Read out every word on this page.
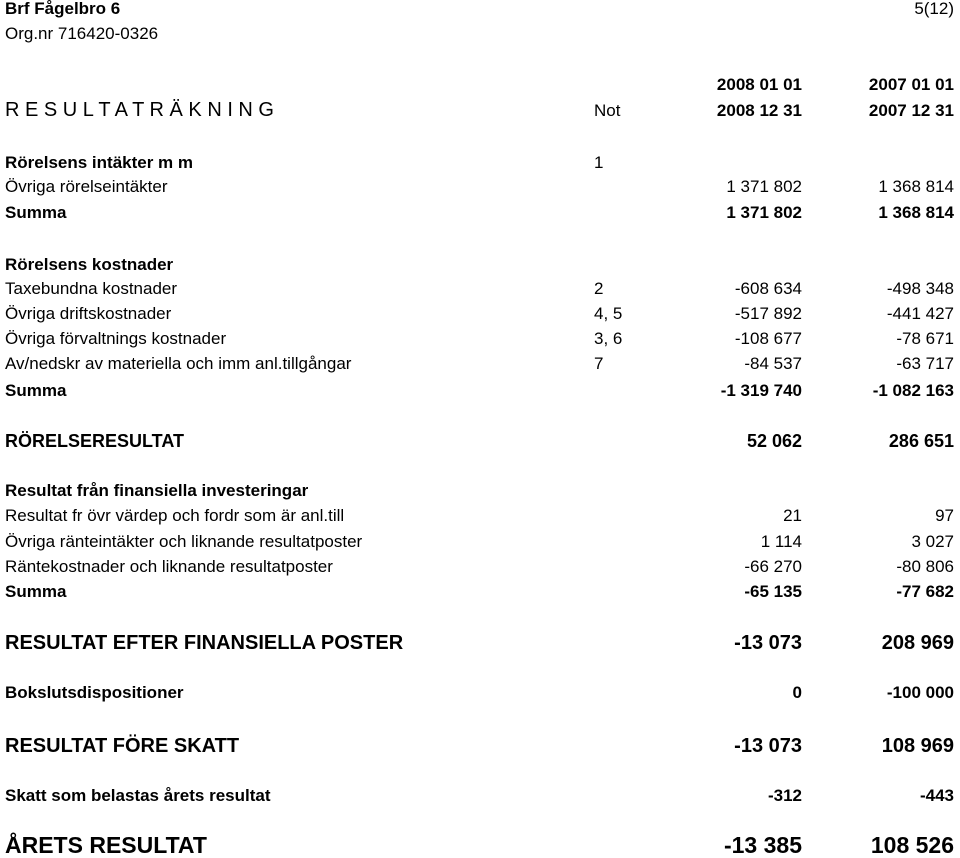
Brf Fågelbro 6
Org.nr 716420-0326
5(12)
2008 01 01	2007 01 01
R E S U L T A T R Ä K N I N G	Not	2008 12 31	2007 12 31
Rörelsens intäkter m m	1
Övriga rörelseintäkter	1 371 802	1 368 814
Summa	1 371 802	1 368 814
Rörelsens kostnader
Taxebundna kostnader	2	-608 634	-498 348
Övriga driftskostnader	4, 5	-517 892	-441 427
Övriga förvaltnings kostnader	3, 6	-108 677	-78 671
Av/nedskr av materiella och imm anl.tillgångar	7	-84 537	-63 717
Summa	-1 319 740	-1 082 163
RÖRELSERESULTAT	52 062	286 651
Resultat från finansiella investeringar
Resultat fr övr värdep och fordr som är anl.till	21	97
Övriga ränteintäkter och liknande resultatposter	1 114	3 027
Räntekostnader och liknande resultatposter	-66 270	-80 806
Summa	-65 135	-77 682
RESULTAT EFTER FINANSIELLA POSTER	-13 073	208 969
Bokslutsdispositioner	0	-100 000
RESULTAT FÖRE SKATT	-13 073	108 969
Skatt som belastas årets resultat	-312	-443
ÅRETS RESULTAT	-13 385	108 526
